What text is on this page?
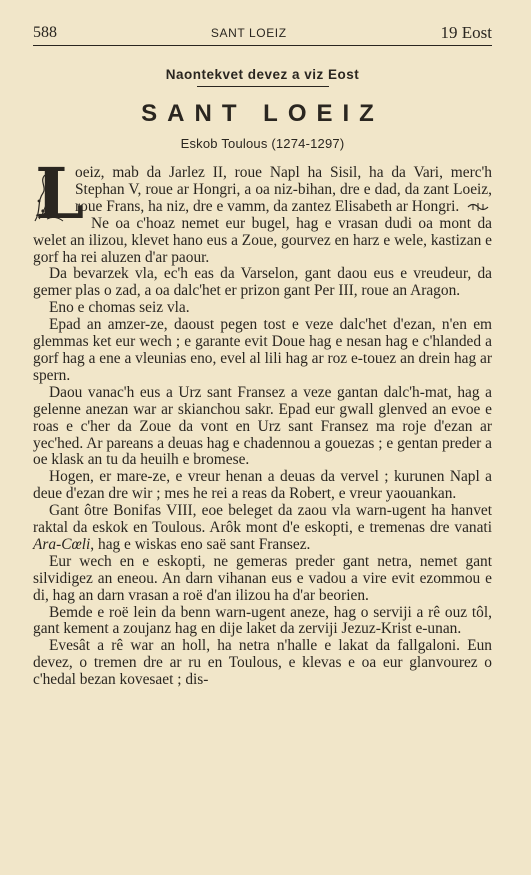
588	SANT LOEIZ	19 Eost
Naontekvet devez a viz Eost
SANT LOEIZ
Eskob Toulous (1274-1297)

L
oeiz, mab da Jarlez II, roue Napl ha Sisil, ha da Vari, merc'h Stephan V, roue ar Hongri, a oa niz-bihan, dre e dad, da zant Loeiz, roue Frans, ha niz, dre e vamm, da zantez Elisabeth ar Hongri.

Ne oa c'hoaz nemet eur bugel, hag e vrasan dudi oa mont da welet an ilizou, klevet hano eus a Zoue, gourvez en harz e wele, kastizan e gorf ha rei aluzen d'ar paour.

Da bevarzek vla, ec'h eas da Varselon, gant daou eus e vreudeur, da gemer plas o zad, a oa dalc'het er prizon gant Per III, roue an Aragon.

Eno e chomas seiz vla.

Epad an amzer-ze, daoust pegen tost e veze dalc'het d'ezan, n'en em glemmas ket eur wech ; e garante evit Doue hag e nesan hag e c'hlanded a gorf hag a ene a vleunias eno, evel al lili hag ar roz e-touez an drein hag ar spern.

Daou vanac'h eus a Urz sant Fransez a veze gantan dalc'h-mat, hag a gelenne anezan war ar skianchou sakr. Epad eur gwall glenved an evoe e roas e c'her da Zoue da vont en Urz sant Fransez ma roje d'ezan ar yec'hed. Ar pareans a deuas hag e chadennou a gouezas ; e gentan preder a oe klask an tu da heuilh e bromese.

Hogen, er mare-ze, e vreur henan a deuas da vervel ; kurunen Napl a deue d'ezan dre wir ; mes he rei a reas da Robert, e vreur yaouankan.

Gant ôtre Bonifas VIII, eoe beleget da zaou vla warn-ugent ha hanvet raktal da eskok en Toulous. Arôk mont d'e eskopti, e tremenas dre vanati Ara-Cœli, hag e wiskas eno saë sant Fransez.

Eur wech en e eskopti, ne gemeras preder gant netra, nemet gant silvidigez an eneou. An darn vihanan eus e vadou a vire evit ezommou e di, hag an darn vrasan a roë d'an ilizou ha d'ar beorien.

Bemde e roë lein da benn warn-ugent aneze, hag o serviji a rê ouz tôl, gant kement a zoujanz hag en dije laket da zerviji Jezuz-Krist e-unan.

Evesât a rê war an holl, ha netra n'halle e lakat da fallgaloni. Eun devez, o tremen dre ar ru en Toulous, e klevas e oa eur glanvourez o c'hedal bezan kovesaet ; dis-
